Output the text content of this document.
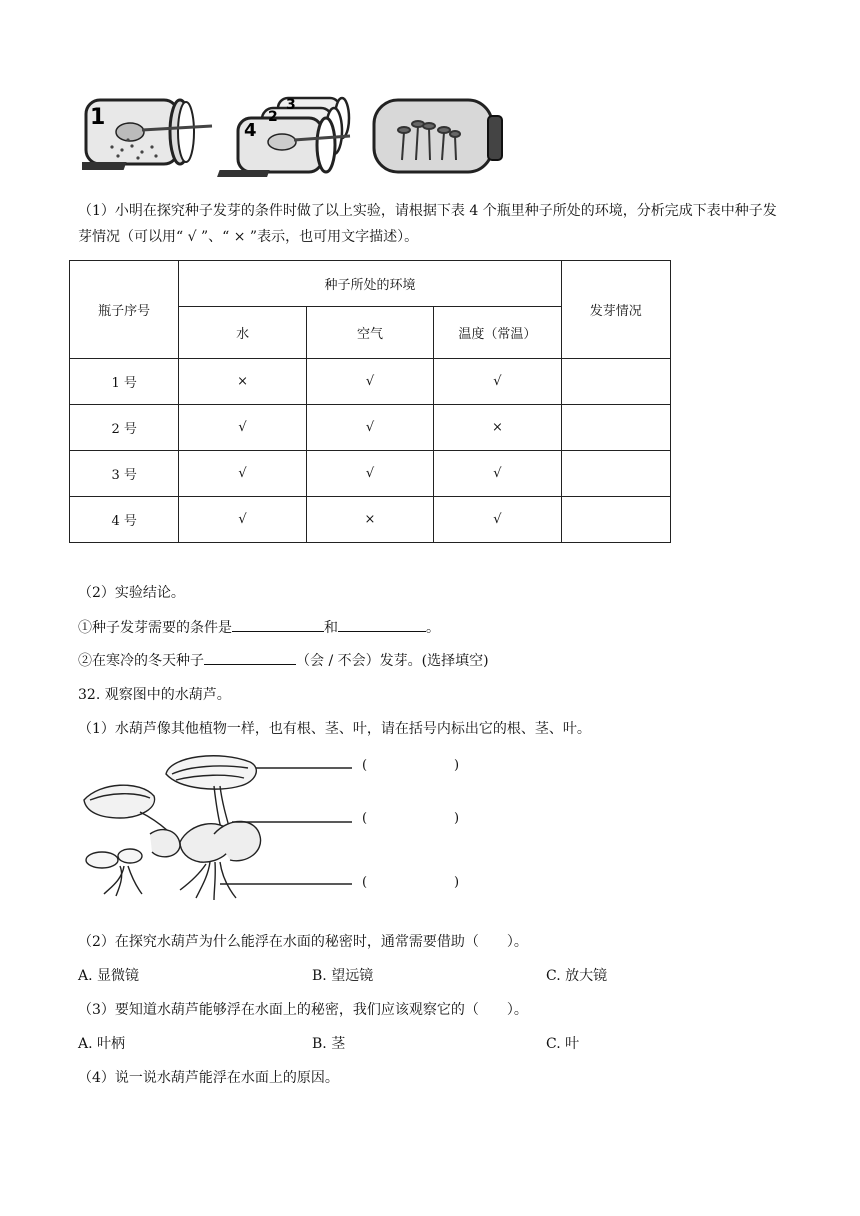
1	3
2
4
（1）小明在探究种子发芽的条件时做了以上实验，请根据下表 4 个瓶里种子所处的环境，分析完成下表中种子发芽情况（可以用“ √ ”、“ × ”表示，也可用文字描述）。
瓶子序号	种子所处的环境			发芽情况
	水	空气	温度（常温）	
1 号	×	√	√	
2 号	√	√	×	
3 号	√	√	√	
4 号	√	×	√	
（2）实验结论。
①种子发芽需要的条件是	和	。
②在寒冷的冬天种子	（会 / 不会）发芽。(选择填空)
32. 观察图中的水葫芦。
（1）水葫芦像其他植物一样，也有根、茎、叶，请在括号内标出它的根、茎、叶。
(	)
(	)
(	)
（2）在探究水葫芦为什么能浮在水面的秘密时，通常需要借助（　　）。
A. 显微镜	B. 望远镜	C. 放大镜
（3）要知道水葫芦能够浮在水面上的秘密，我们应该观察它的（　　）。
A. 叶柄	B. 茎	C. 叶
（4）说一说水葫芦能浮在水面上的原因。
